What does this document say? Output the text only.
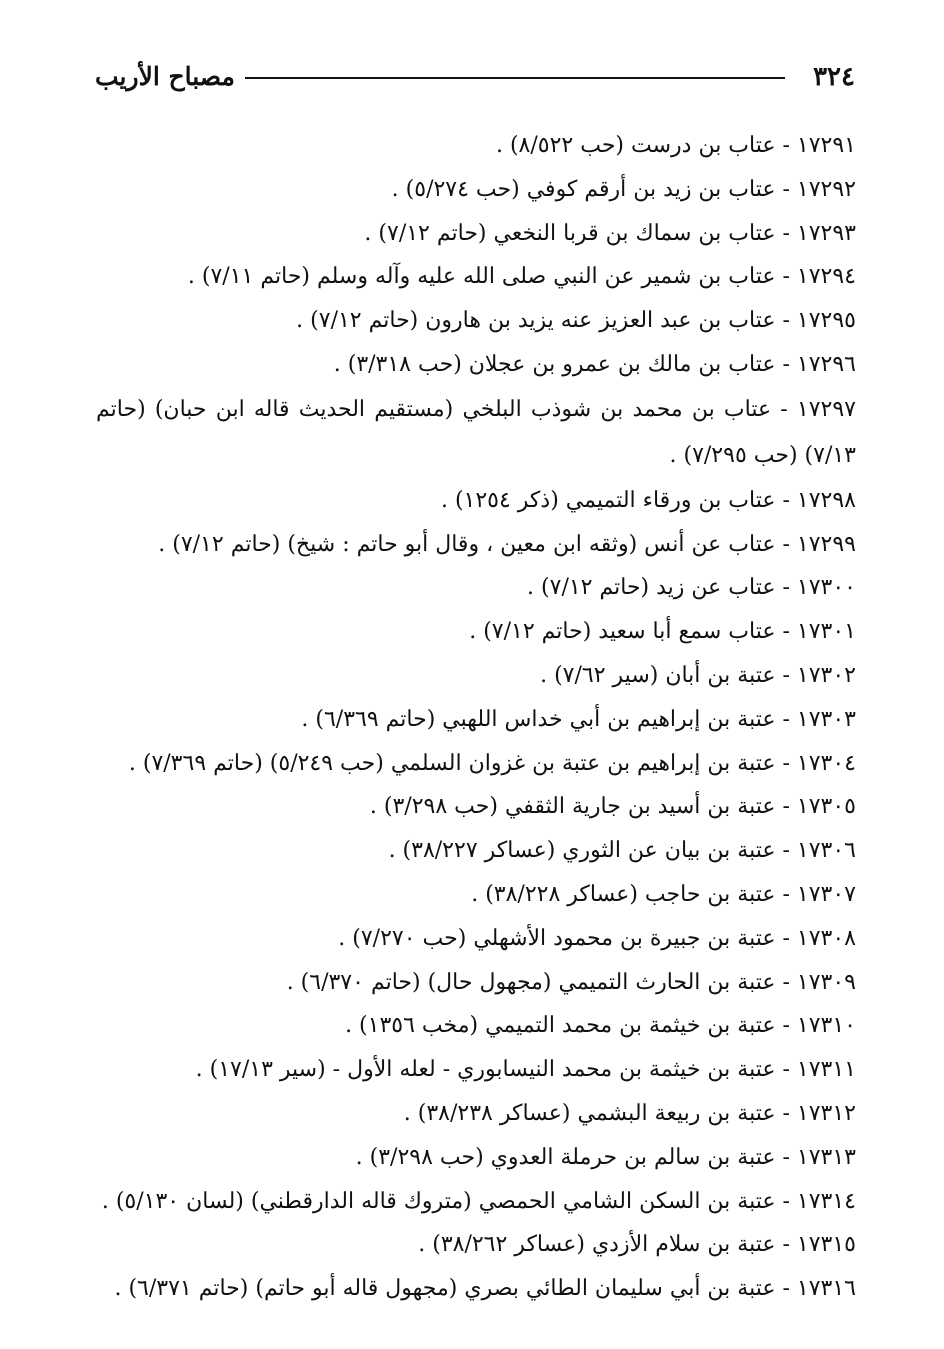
٣٢٤
مصباح الأريب
١٧٢٩١ - عتاب بن درست (حب ٨/٥٢٢) .
١٧٢٩٢ - عتاب بن زيد بن أرقم كوفي (حب ٥/٢٧٤) .
١٧٢٩٣ - عتاب بن سماك بن قربا النخعي (حاتم ٧/١٢) .
١٧٢٩٤ - عتاب بن شمير عن النبي صلى الله عليه وآله وسلم (حاتم ٧/١١) .
١٧٢٩٥ - عتاب بن عبد العزيز عنه يزيد بن هارون (حاتم ٧/١٢) .
١٧٢٩٦ - عتاب بن مالك بن عمرو بن عجلان (حب ٣/٣١٨) .
١٧٢٩٧ - عتاب بن محمد بن شوذب البلخي (مستقيم الحديث قاله ابن حبان) (حاتم ٧/١٣) (حب ٧/٢٩٥) .
١٧٢٩٨ - عتاب بن ورقاء التميمي (ذكر ١٢٥٤) .
١٧٢٩٩ - عتاب عن أنس (وثقه ابن معين ، وقال أبو حاتم : شيخ) (حاتم ٧/١٢) .
١٧٣٠٠ - عتاب عن زيد (حاتم ٧/١٢) .
١٧٣٠١ - عتاب سمع أبا سعيد (حاتم ٧/١٢) .
١٧٣٠٢ - عتبة بن أبان (سير ٧/٦٢) .
١٧٣٠٣ - عتبة بن إبراهيم بن أبي خداس اللهبي (حاتم ٦/٣٦٩) .
١٧٣٠٤ - عتبة بن إبراهيم بن عتبة بن غزوان السلمي (حب ٥/٢٤٩) (حاتم ٧/٣٦٩) .
١٧٣٠٥ - عتبة بن أسيد بن جارية الثقفي (حب ٣/٢٩٨) .
١٧٣٠٦ - عتبة بن بيان عن الثوري (عساكر ٣٨/٢٢٧) .
١٧٣٠٧ - عتبة بن حاجب (عساكر ٣٨/٢٢٨) .
١٧٣٠٨ - عتبة بن جبيرة بن محمود الأشهلي (حب ٧/٢٧٠) .
١٧٣٠٩ - عتبة بن الحارث التميمي (مجهول حال) (حاتم ٦/٣٧٠) .
١٧٣١٠ - عتبة بن خيثمة بن محمد التميمي (مخب ١٣٥٦) .
١٧٣١١ - عتبة بن خيثمة بن محمد النيسابوري - لعله الأول - (سير ١٧/١٣) .
١٧٣١٢ - عتبة بن ربيعة البشمي (عساكر ٣٨/٢٣٨) .
١٧٣١٣ - عتبة بن سالم بن حرملة العدوي (حب ٣/٢٩٨) .
١٧٣١٤ - عتبة بن السكن الشامي الحمصي (متروك قاله الدارقطني) (لسان ٥/١٣٠) .
١٧٣١٥ - عتبة بن سلام الأزدي (عساكر ٣٨/٢٦٢) .
١٧٣١٦ - عتبة بن أبي سليمان الطائي بصري (مجهول قاله أبو حاتم) (حاتم ٦/٣٧١) .
